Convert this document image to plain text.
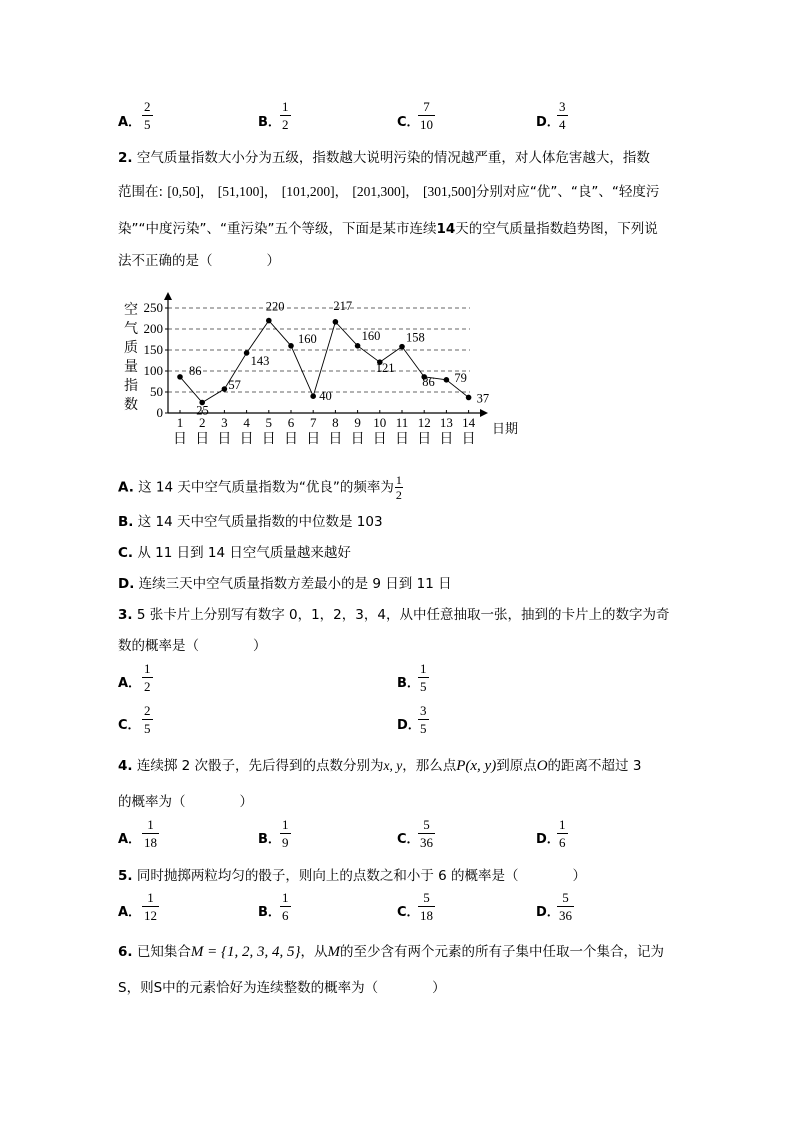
A． $\frac{2}{5}$	B． $\frac{1}{2}$	C．
$\frac{7}{10}$	D．
$\frac{3}{4}$
2. 空气质量指数大小分为五级，指数越大说明污染的情况越严重，对人体危害越大，指数
范围在: [0,50]， [51,100]， [101,200]， [201,300]， [301,500]分别对应“优”、“良”、“轻度污
染”“中度污染”、“重污染”五个等级，下面是某市连续14天的空气质量指数趋势图，下列说
法不正确的是（	）
空
气
质
量
指
数 0
50
100
150
200
250
1
日
2
日
3
日
4
日
5
日
6
日
7
日
8
日
9
日
10
日
11
日
12
日
13
日
14
日
86
25
57
143
220
160
40
217
160
121
158
86 79
37
日期
A. 这 14 天中空气质量指数为“优良”的频率为 $\frac{1}{2}$
B. 这 14 天中空气质量指数的中位数是 103
C. 从 11 日到 14 日空气质量越来越好
D. 连续三天中空气质量指数方差最小的是 9 日到 11 日
3. 5 张卡片上分别写有数字 0，1，2，3，4，从中任意抽取一张，抽到的卡片上的数字为奇
数的概率是（	）
A． $\frac{1}{2}$	B．
$\frac{1}{5}$
C． $\frac{2}{5}$	D．
$\frac{3}{5}$
4. 连续掷 2 次骰子，先后得到的点数分别为x, y，那么点P(x, y)到原点O的距离不超过 3
的概率为（	）
A． $\frac{1}{18}$	B． $\frac{1}{9}$	C．
$\frac{5}{36}$	D．
$\frac{1}{6}$
5. 同时抛掷两粒均匀的骰子，则向上的点数之和小于 6 的概率是（	）
A． $\frac{1}{12}$	B． $\frac{1}{6}$	C．
$\frac{5}{18}$	D．
$\frac{5}{36}$
6. 已知集合M = {1, 2, 3, 4, 5}，从M的至少含有两个元素的所有子集中任取一个集合，记为
S，则S中的元素恰好为连续整数的概率为（	）
